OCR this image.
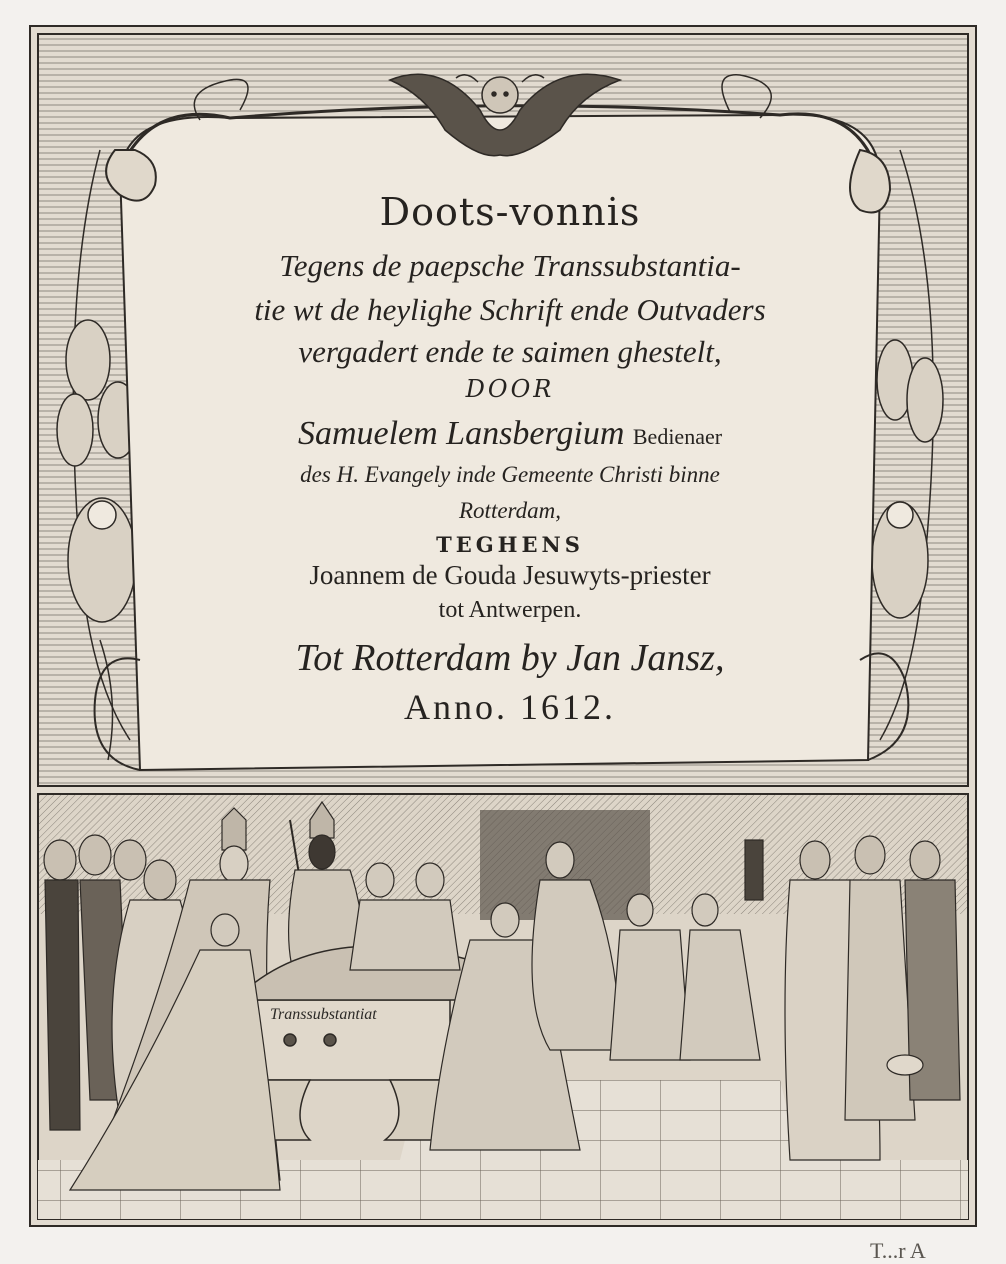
Doots-vonnis
Tegens de paepsche Transsubstantia-
tie wt de heylighe Schrift ende Outvaders
vergadert ende te saimen ghestelt,
DOOR
Samuelem Lansbergium Bedienaer
des H. Evangely inde Gemeente Christi binne
Rotterdam,
TEGHENS
Joannem de Gouda Jesuwyts-priester
tot Antwerpen.
Tot Rotterdam by Jan Jansz,
Anno. 1612.
Transsubstantiat
T...r A
